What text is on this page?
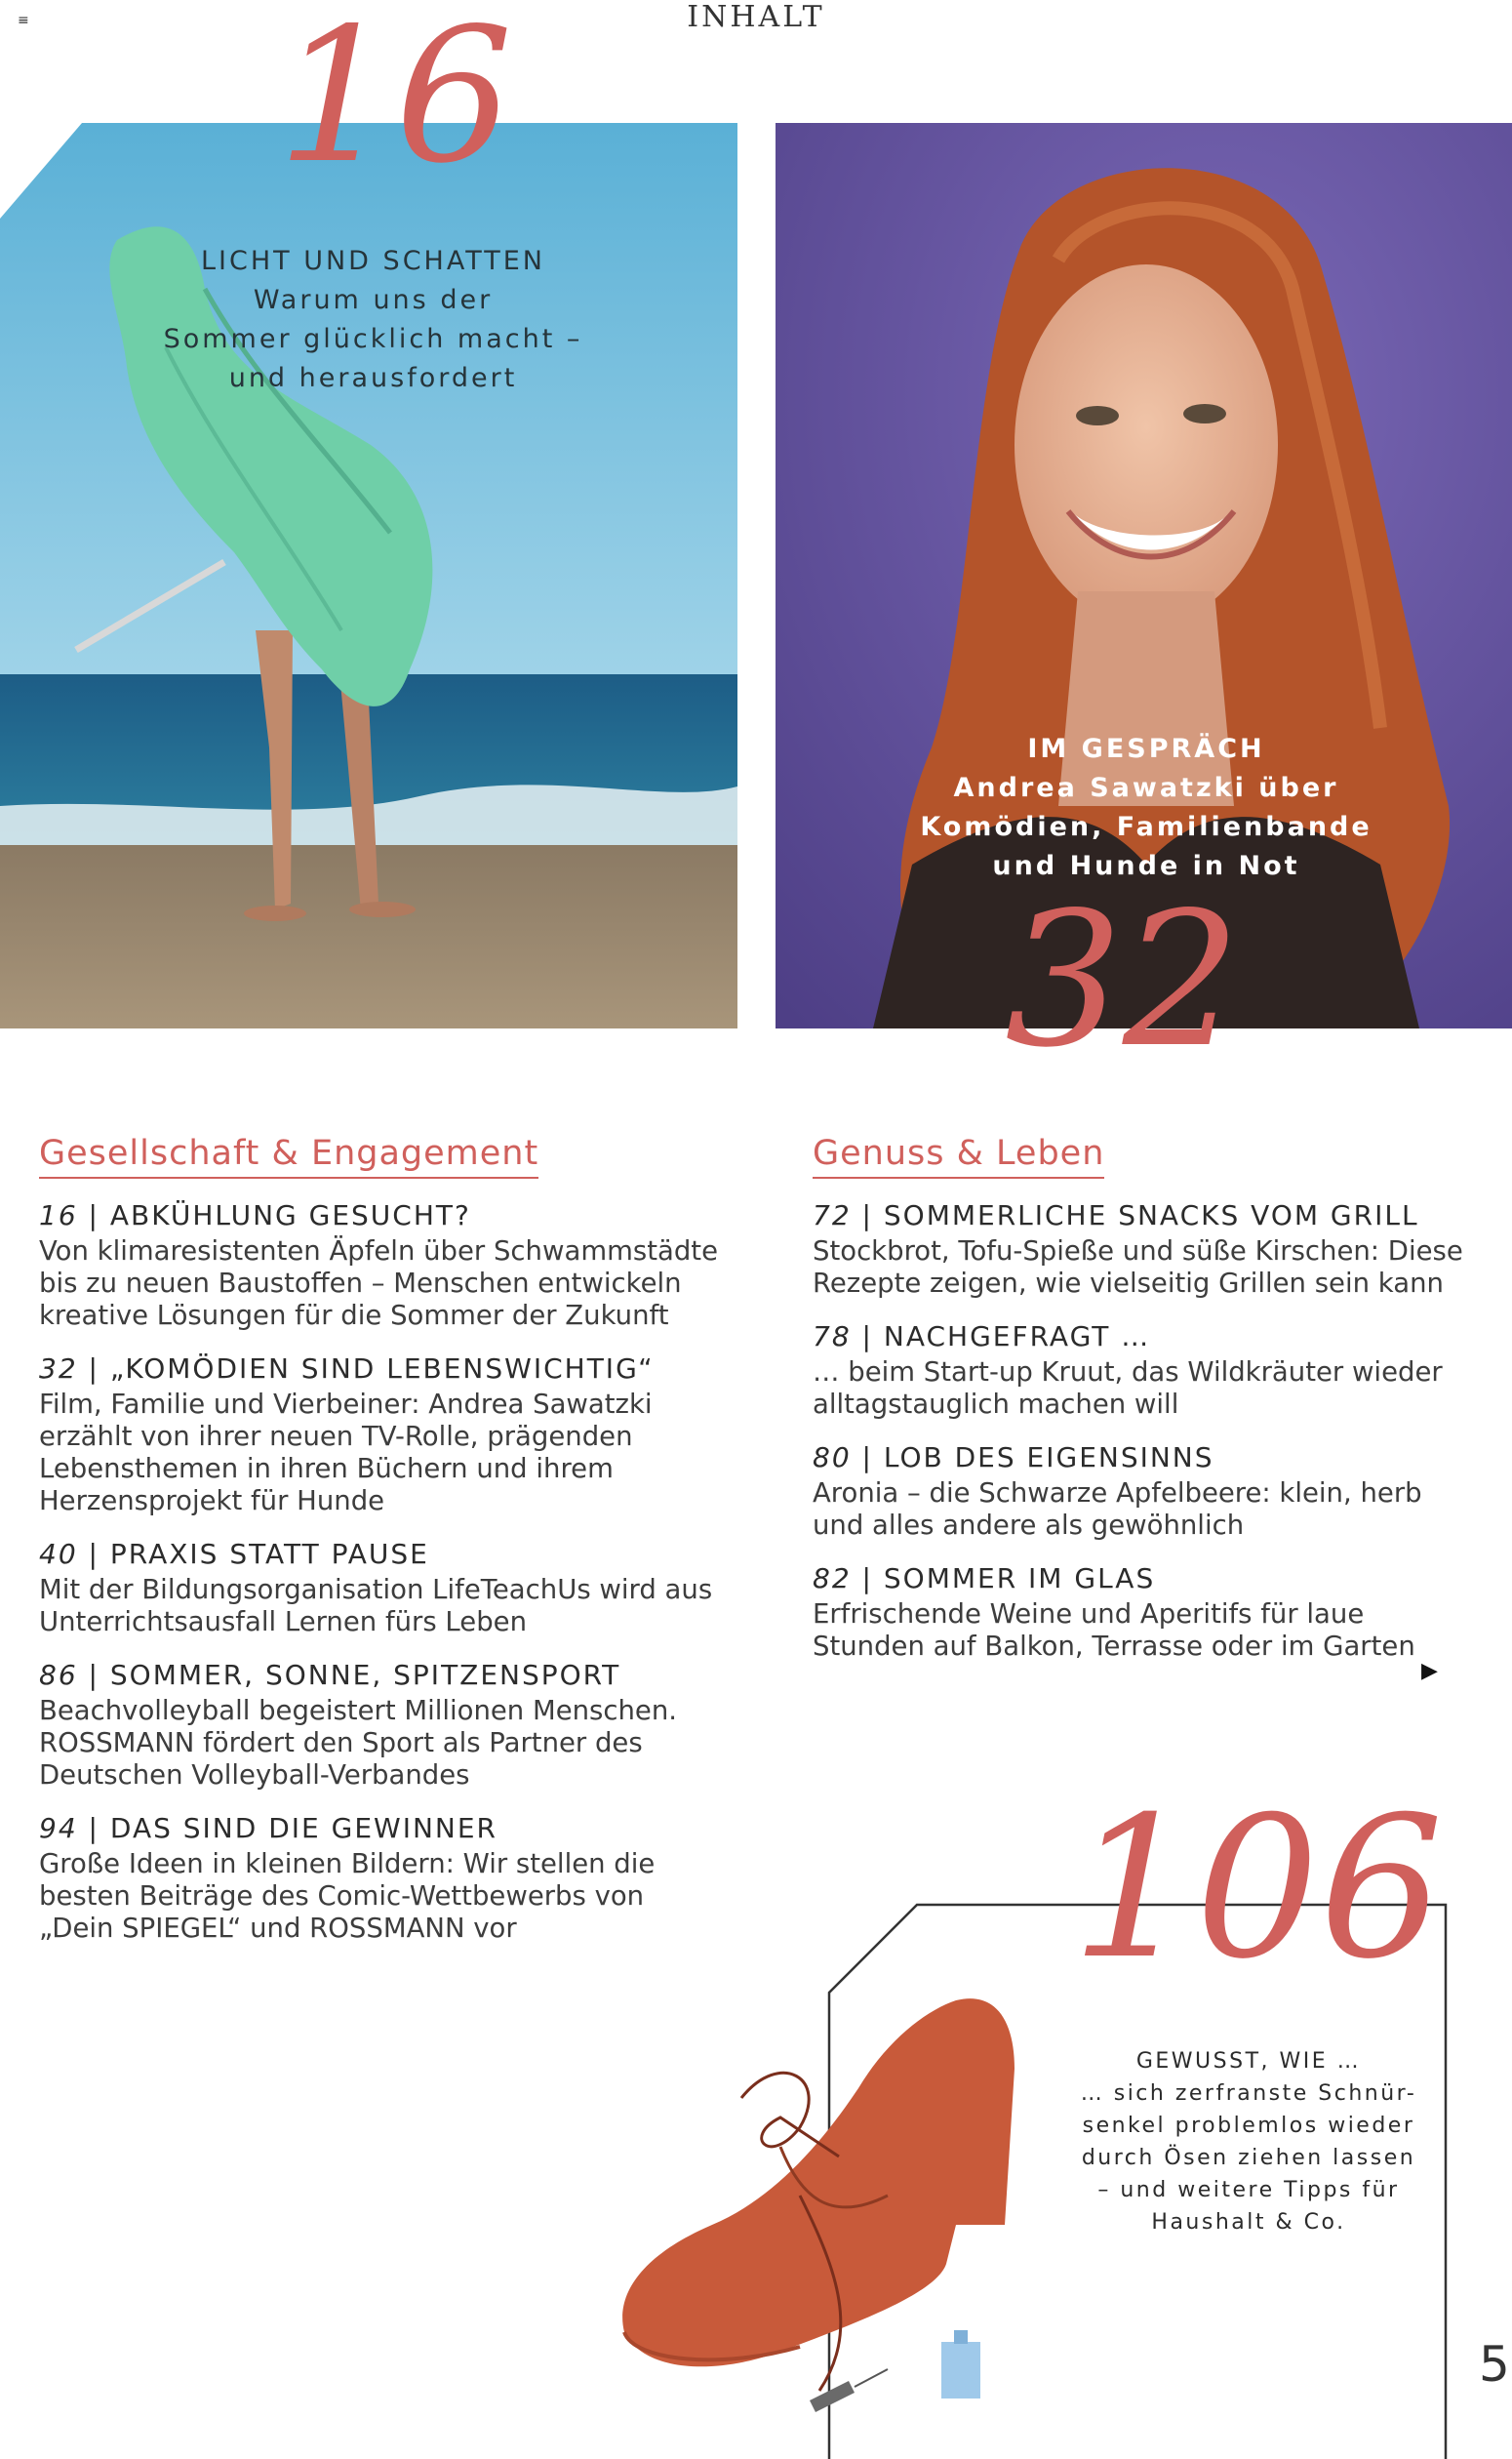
≡	INHALT
16
LICHT UND SCHATTEN
Warum uns der
Sommer glücklich macht –
und herausfordert
IM GESPRÄCH
Andrea Sawatzki über
Komödien, Familienbande
und Hunde in Not
32
Gesellschaft & Engagement
16 | ABKÜHLUNG GESUCHT?
Von klimaresistenten Äpfeln über Schwammstädte bis zu neuen Baustoffen – Menschen entwickeln kreative Lösungen für die Sommer der Zukunft
32 | „KOMÖDIEN SIND LEBENSWICHTIG“
Film, Familie und Vierbeiner: Andrea Sawatzki erzählt von ihrer neuen TV-Rolle, prägenden Lebensthemen in ihren Büchern und ihrem Herzensprojekt für Hunde
40 | PRAXIS STATT PAUSE
Mit der Bildungsorganisation LifeTeachUs wird aus Unterrichtsausfall Lernen fürs Leben
86 | SOMMER, SONNE, SPITZENSPORT
Beachvolleyball begeistert Millionen Menschen. ROSSMANN fördert den Sport als Partner des Deutschen Volleyball-Verbandes
94 | DAS SIND DIE GEWINNER
Große Ideen in kleinen Bildern: Wir stellen die besten Beiträge des Comic-Wettbewerbs von „Dein SPIEGEL“ und ROSSMANN vor
Genuss & Leben
72 | SOMMERLICHE SNACKS VOM GRILL
Stockbrot, Tofu-Spieße und süße Kirschen: Diese Rezepte zeigen, wie vielseitig Grillen sein kann
78 | NACHGEFRAGT …
… beim Start-up Kruut, das Wildkräuter wieder alltagstauglich machen will
80 | LOB DES EIGENSINNS
Aronia – die Schwarze Apfelbeere: klein, herb und alles andere als gewöhnlich
82 | SOMMER IM GLAS
Erfrischende Weine und Aperitifs für laue Stunden auf Balkon, Terrasse oder im Garten
▶
106
GEWUSST, WIE …
… sich zerfranste Schnür-
senkel problemlos wieder
durch Ösen ziehen lassen
– und weitere Tipps für
Haushalt & Co.
5
